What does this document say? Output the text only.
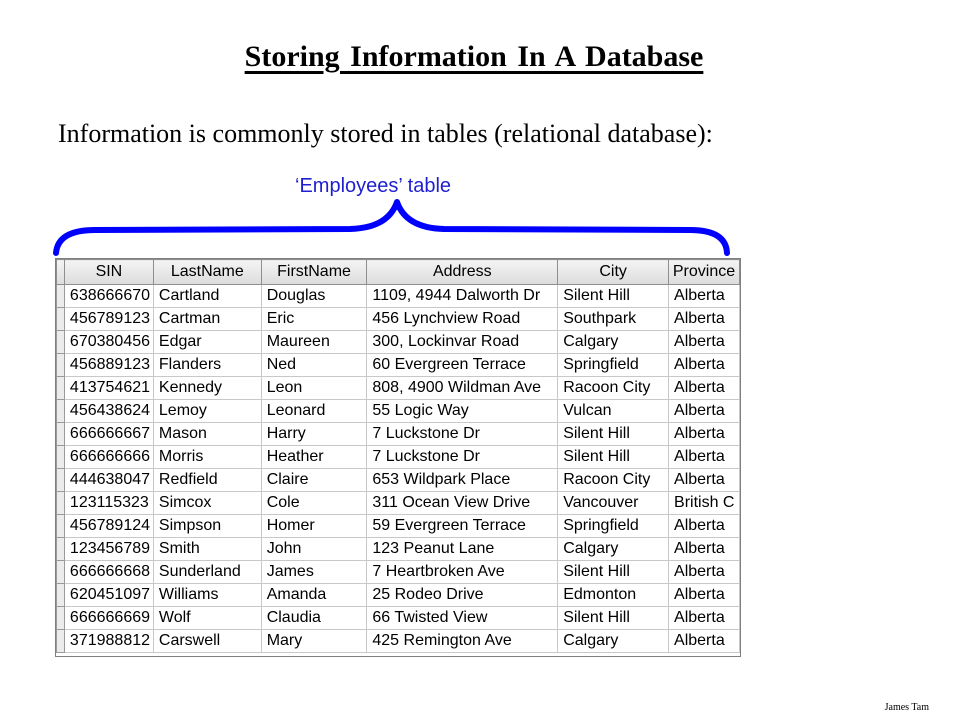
Storing Information In A Database
Information is commonly stored in tables (relational database):
‘Employees’ table
	SIN	LastName	FirstName	Address	City	Province
	638666670	Cartland	Douglas	1109, 4944 Dalworth Dr	Silent Hill	Alberta
	456789123	Cartman	Eric	456 Lynchview Road	Southpark	Alberta
	670380456	Edgar	Maureen	300, Lockinvar Road	Calgary	Alberta
	456889123	Flanders	Ned	60 Evergreen Terrace	Springfield	Alberta
	413754621	Kennedy	Leon	808, 4900 Wildman Ave	Racoon City	Alberta
	456438624	Lemoy	Leonard	55 Logic Way	Vulcan	Alberta
	666666667	Mason	Harry	7 Luckstone Dr	Silent Hill	Alberta
	666666666	Morris	Heather	7 Luckstone Dr	Silent Hill	Alberta
	444638047	Redfield	Claire	653 Wildpark Place	Racoon City	Alberta
	123115323	Simcox	Cole	311 Ocean View Drive	Vancouver	British C
	456789124	Simpson	Homer	59 Evergreen Terrace	Springfield	Alberta
	123456789	Smith	John	123 Peanut Lane	Calgary	Alberta
	666666668	Sunderland	James	7 Heartbroken Ave	Silent Hill	Alberta
	620451097	Williams	Amanda	25 Rodeo Drive	Edmonton	Alberta
	666666669	Wolf	Claudia	66 Twisted View	Silent Hill	Alberta
	371988812	Carswell	Mary	425 Remington Ave	Calgary	Alberta
James Tam
